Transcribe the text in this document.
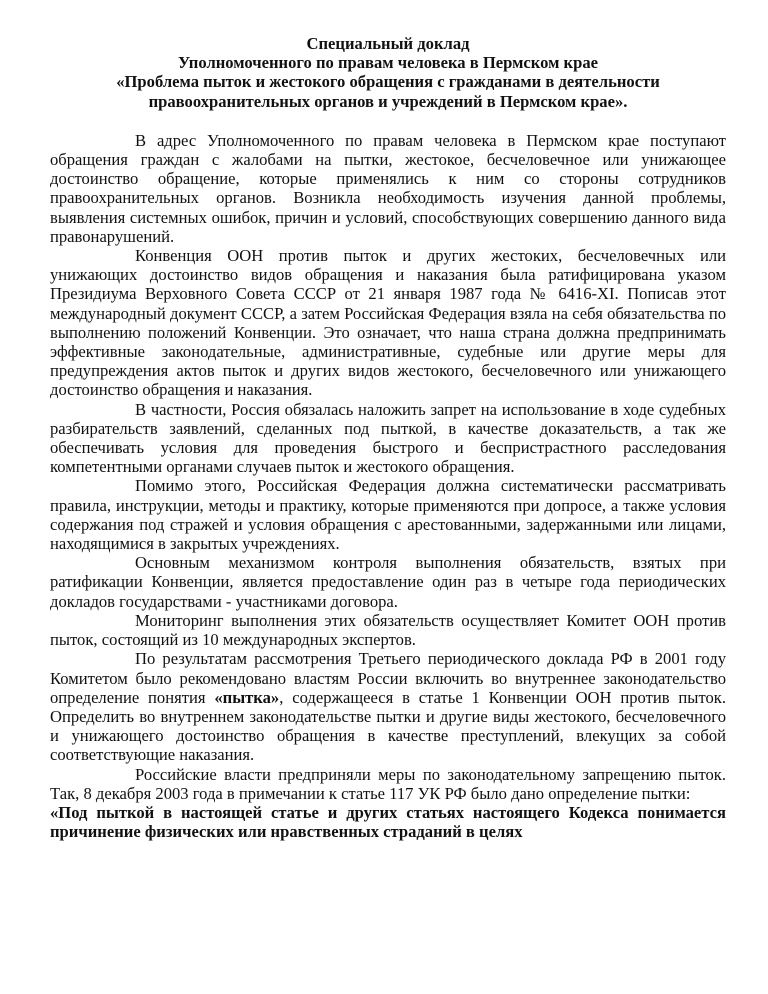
Специальный доклад
Уполномоченного по правам человека в Пермском крае
«Проблема пыток и жестокого обращения с гражданами в деятельности
правоохранительных органов и учреждений в Пермском крае».

В адрес Уполномоченного по правам человека в Пермском крае поступают обращения граждан с жалобами на пытки, жестокое, бесчеловечное или унижающее достоинство обращение, которые применялись к ним со стороны сотрудников правоохранительных органов. Возникла необходимость изучения данной проблемы, выявления системных ошибок, причин и условий, способствующих совершению данного вида правонарушений.

Конвенция ООН против пыток и других жестоких, бесчеловечных или унижающих достоинство видов обращения и наказания была ратифицирована указом Президиума Верховного Совета СССР от 21 января 1987 года № 6416-XI. Пописав этот международный документ СССР, а затем Российская Федерация взяла на себя обязательства по выполнению положений Конвенции. Это означает, что наша страна должна предпринимать эффективные законодательные, административные, судебные или другие меры для предупреждения актов пыток и других видов жестокого, бесчеловечного или унижающего достоинство обращения и наказания.

В частности, Россия обязалась наложить запрет на использование в ходе судебных разбирательств заявлений, сделанных под пыткой, в качестве доказательств, а так же обеспечивать условия для проведения быстрого и беспристрастного расследования компетентными органами случаев пыток и жестокого обращения.

Помимо этого, Российская Федерация должна систематически рассматривать правила, инструкции, методы и практику, которые применяются при допросе, а также условия содержания под стражей и условия обращения с арестованными, задержанными или лицами, находящимися в закрытых учреждениях.

Основным механизмом контроля выполнения обязательств, взятых при ратификации Конвенции, является предоставление один раз в четыре года периодических докладов государствами - участниками договора.

Мониторинг выполнения этих обязательств осуществляет Комитет ООН против пыток, состоящий из 10 международных экспертов.

По результатам рассмотрения Третьего периодического доклада РФ в 2001 году Комитетом было рекомендовано властям России включить во внутреннее законодательство определение понятия «пытка», содержащееся в статье 1 Конвенции ООН против пыток. Определить во внутреннем законодательстве пытки и другие виды жестокого, бесчеловечного и унижающего достоинство обращения в качестве преступлений, влекущих за собой соответствующие наказания.

Российские власти предприняли меры по законодательному запрещению пыток. Так, 8 декабря 2003 года в примечании к статье 117 УК РФ было дано определение пытки:

«Под пыткой в настоящей статье и других статьях настоящего Кодекса понимается причинение физических или нравственных страданий в целях
